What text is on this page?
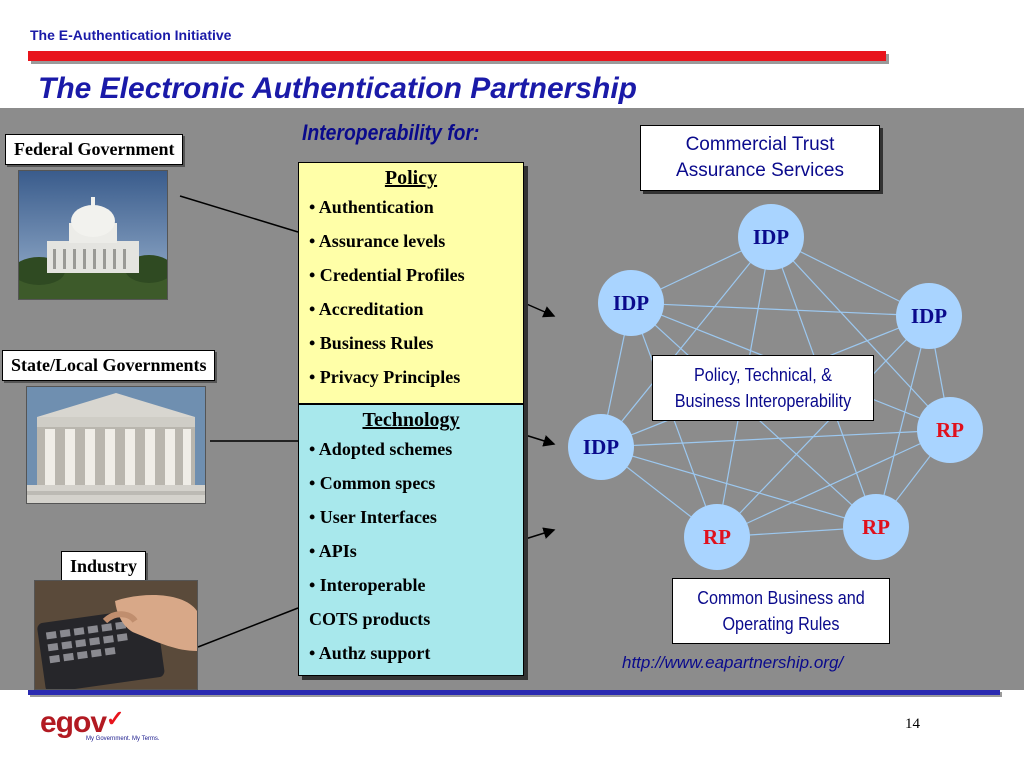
The E-Authentication Initiative
The Electronic Authentication Partnership
Federal Government
State/Local Governments
Industry
Interoperability for:
Policy
• Authentication
• Assurance levels
• Credential Profiles
• Accreditation
• Business Rules
• Privacy Principles
Technology
• Adopted schemes
• Common specs
• User Interfaces
• APIs
• Interoperable
COTS products
• Authz support
Commercial Trust
Assurance Services
IDP
IDP
IDP
IDP
RP
RP	RP
Policy, Technical, &
Business Interoperability
Common Business and
Operating Rules
http://www.eapartnership.org/
egov✓
My Government. My Terms.
14
